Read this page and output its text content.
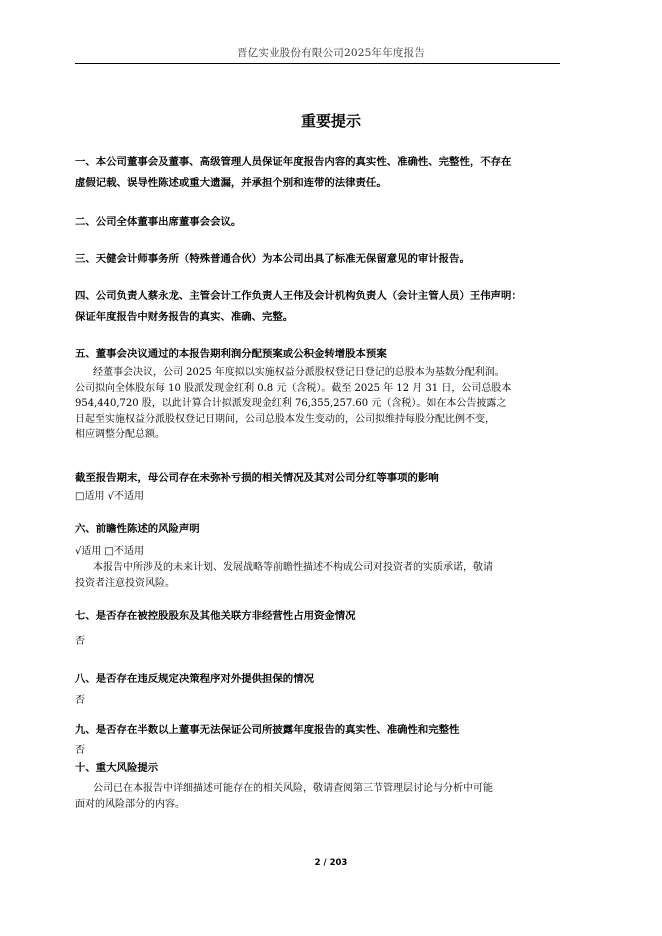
晋亿实业股份有限公司2025年年度报告
重要提示
一、本公司董事会及董事、高级管理人员保证年度报告内容的真实性、准确性、完整性，不存在
虚假记载、误导性陈述或重大遗漏，并承担个别和连带的法律责任。
二、公司全体董事出席董事会会议。
三、天健会计师事务所（特殊普通合伙）为本公司出具了标准无保留意见的审计报告。
四、公司负责人蔡永龙、主管会计工作负责人王伟及会计机构负责人（会计主管人员）王伟声明：
保证年度报告中财务报告的真实、准确、完整。
五、董事会决议通过的本报告期利润分配预案或公积金转增股本预案
经董事会决议，公司 2025 年度拟以实施权益分派股权登记日登记的总股本为基数分配利润。
公司拟向全体股东每 10 股派发现金红利 0.8 元（含税）。截至 2025 年 12 月 31 日，公司总股本
954,440,720 股，以此计算合计拟派发现金红利 76,355,257.60 元（含税）。如在本公告披露之
日起至实施权益分派股权登记日期间，公司总股本发生变动的，公司拟维持每股分配比例不变，
相应调整分配总额。
截至报告期末，母公司存在未弥补亏损的相关情况及其对公司分红等事项的影响
□适用 √不适用
六、前瞻性陈述的风险声明
√适用 □不适用
本报告中所涉及的未来计划、发展战略等前瞻性描述不构成公司对投资者的实质承诺，敬请
投资者注意投资风险。
七、是否存在被控股股东及其他关联方非经营性占用资金情况
否
八、是否存在违反规定决策程序对外提供担保的情况
否
九、是否存在半数以上董事无法保证公司所披露年度报告的真实性、准确性和完整性
否
十、重大风险提示
公司已在本报告中详细描述可能存在的相关风险，敬请查阅第三节管理层讨论与分析中可能
面对的风险部分的内容。
2 / 203
